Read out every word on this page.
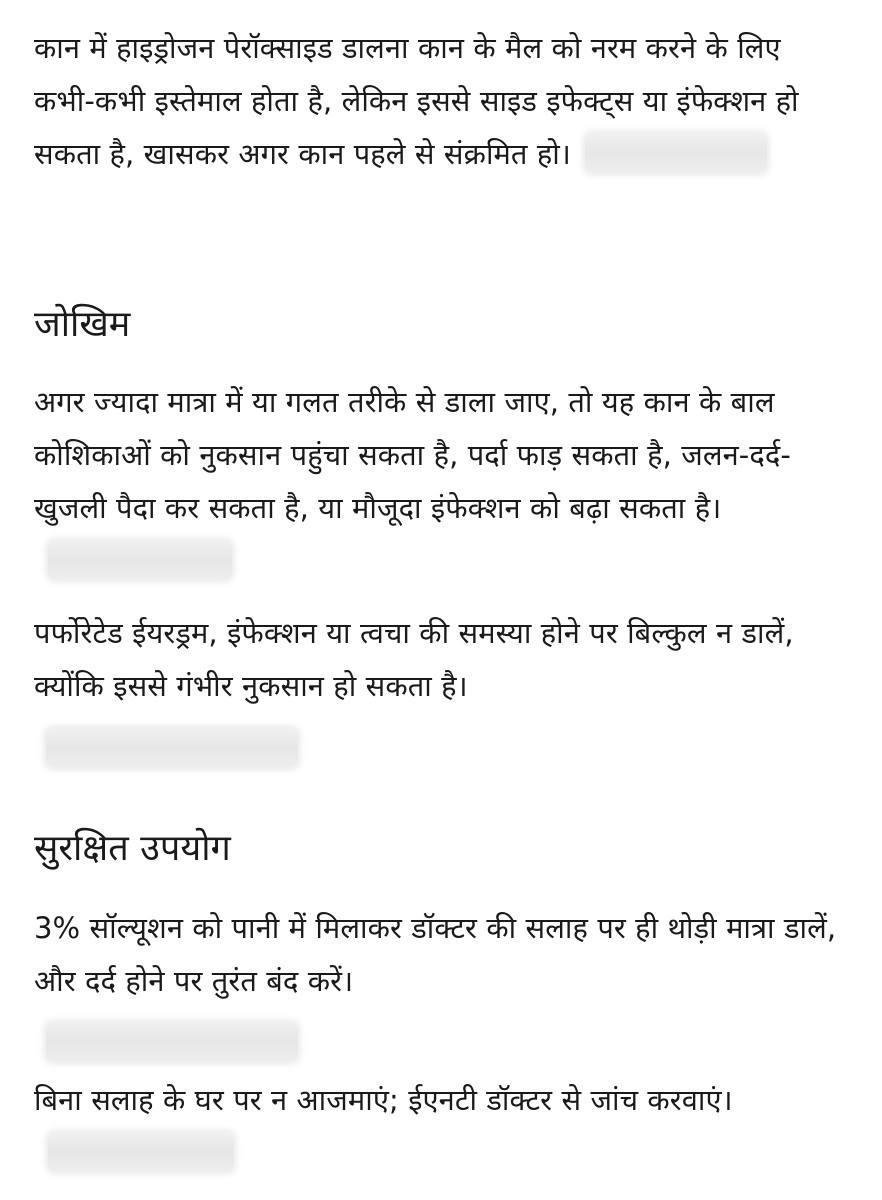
कान में हाइड्रोजन पेरॉक्साइड डालना कान के मैल को नरम करने के लिए कभी-कभी इस्तेमाल होता है, लेकिन इससे साइड इफेक्ट्स या इंफेक्शन हो सकता है, खासकर अगर कान पहले से संक्रमित हो।

जोखिम

अगर ज्यादा मात्रा में या गलत तरीके से डाला जाए, तो यह कान के बाल कोशिकाओं को नुकसान पहुंचा सकता है, पर्दा फाड़ सकता है, जलन-दर्द-खुजली पैदा कर सकता है, या मौजूदा इंफेक्शन को बढ़ा सकता है।

पर्फोरेटेड ईयरड्रम, इंफेक्शन या त्वचा की समस्या होने पर बिल्कुल न डालें, क्योंकि इससे गंभीर नुकसान हो सकता है।

सुरक्षित उपयोग

3% सॉल्यूशन को पानी में मिलाकर डॉक्टर की सलाह पर ही थोड़ी मात्रा डालें, और दर्द होने पर तुरंत बंद करें।

बिना सलाह के घर पर न आजमाएं; ईएनटी डॉक्टर से जांच करवाएं।
